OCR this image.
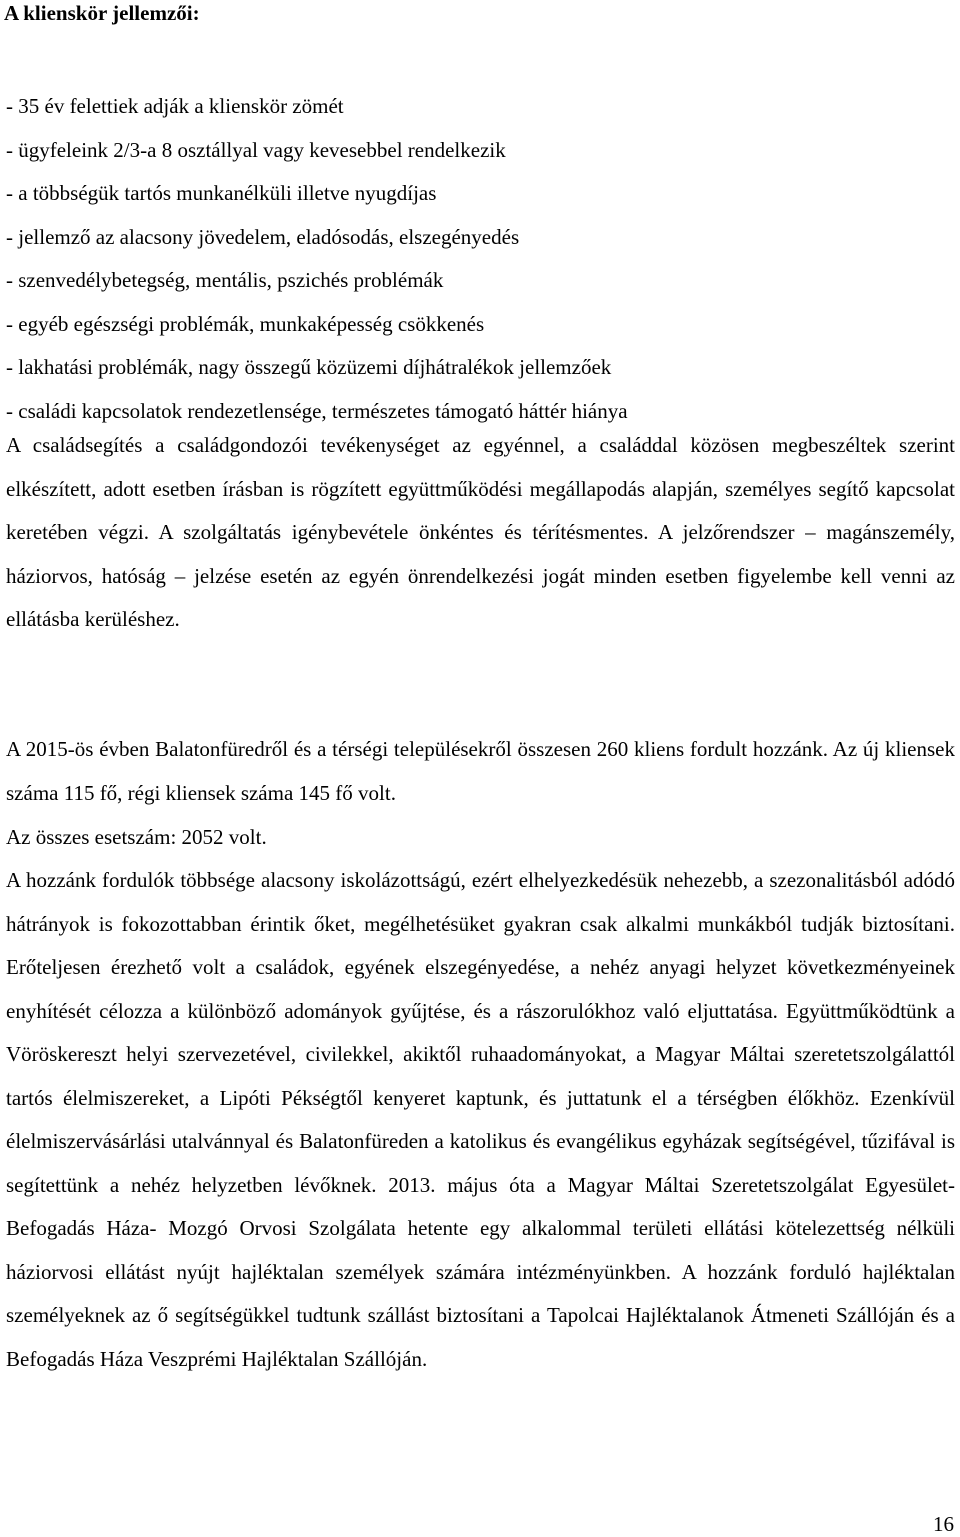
A klienskör jellemzői:
- 35 év felettiek adják a klienskör zömét
- ügyfeleink 2/3-a 8 osztállyal vagy kevesebbel rendelkezik
- a többségük tartós munkanélküli illetve nyugdíjas
- jellemző az alacsony jövedelem, eladósodás, elszegényedés
- szenvedélybetegség, mentális, pszichés problémák
- egyéb egészségi problémák, munkaképesség csökkenés
- lakhatási problémák, nagy összegű közüzemi díjhátralékok jellemzőek
- családi kapcsolatok rendezetlensége, természetes támogató háttér hiánya

A családsegítés a családgondozói tevékenységet az egyénnel, a családdal közösen megbeszéltek szerint elkészített, adott esetben írásban is rögzített együttműködési megállapodás alapján, személyes segítő kapcsolat keretében végzi. A szolgáltatás igénybevétele önkéntes és térítésmentes. A jelzőrendszer – magánszemély, háziorvos, hatóság – jelzése esetén az egyén önrendelkezési jogát minden esetben figyelembe kell venni az ellátásba kerüléshez.

A 2015-ös évben Balatonfüredről és a térségi településekről összesen 260 kliens fordult hozzánk. Az új kliensek száma 115 fő, régi kliensek száma 145 fő volt.

Az összes esetszám: 2052 volt.

A hozzánk fordulók többsége alacsony iskolázottságú, ezért elhelyezkedésük nehezebb, a szezonalitásból adódó hátrányok is fokozottabban érintik őket, megélhetésüket gyakran csak alkalmi munkákból tudják biztosítani. Erőteljesen érezhető volt a családok, egyének elszegényedése, a nehéz anyagi helyzet következményeinek enyhítését célozza a különböző adományok gyűjtése, és a rászorulókhoz való eljuttatása. Együttműködtünk a Vöröskereszt helyi szervezetével, civilekkel, akiktől ruhaadományokat, a Magyar Máltai szeretetszolgálattól tartós élelmiszereket, a Lipóti Pékségtől kenyeret kaptunk, és juttatunk el a térségben élőkhöz. Ezenkívül élelmiszervásárlási utalvánnyal és Balatonfüreden a katolikus és evangélikus egyházak segítségével, tűzifával is segítettünk a nehéz helyzetben lévőknek. 2013. május óta a Magyar Máltai Szeretetszolgálat Egyesület-Befogadás Háza- Mozgó Orvosi Szolgálata hetente egy alkalommal területi ellátási kötelezettség nélküli háziorvosi ellátást nyújt hajléktalan személyek számára intézményünkben. A hozzánk forduló hajléktalan személyeknek az ő segítségükkel tudtunk szállást biztosítani a Tapolcai Hajléktalanok Átmeneti Szállóján és a Befogadás Háza Veszprémi Hajléktalan Szállóján.

16
